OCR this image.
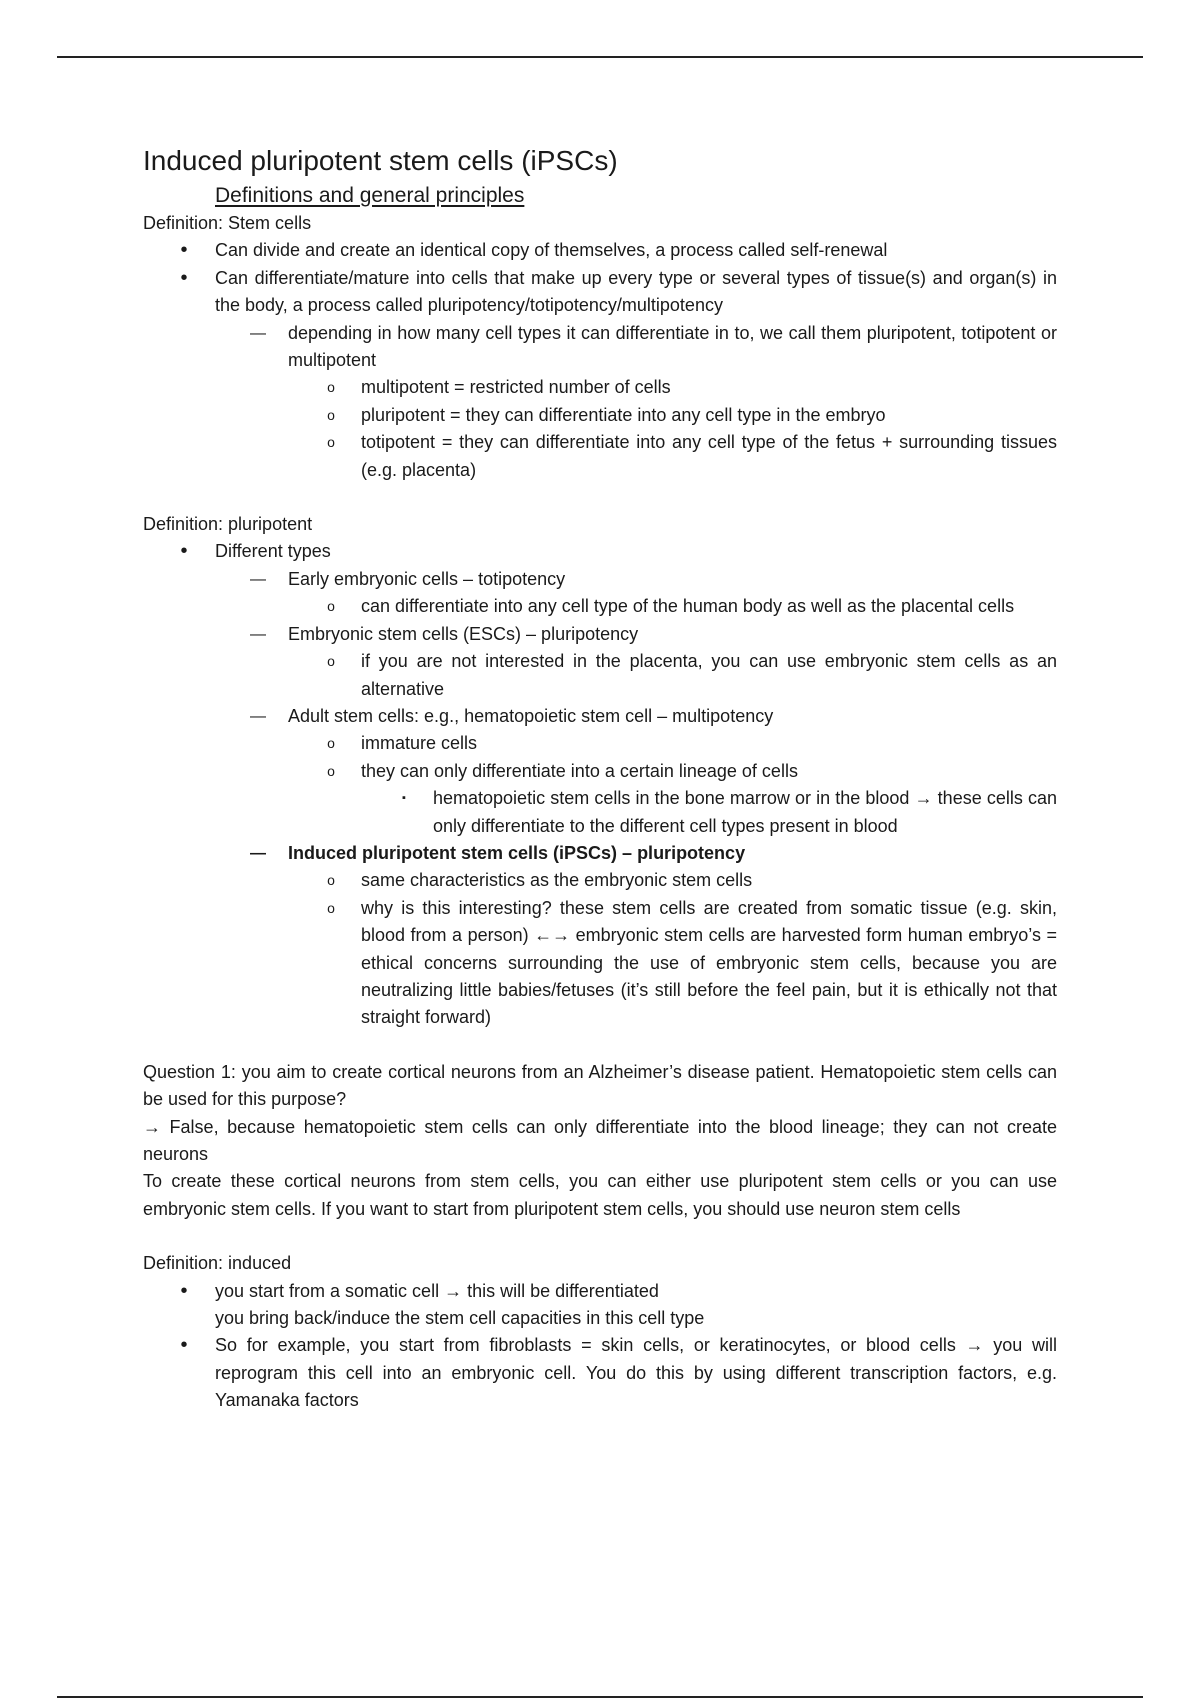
Induced pluripotent stem cells (iPSCs)
Definitions and general principles

Definition: Stem cells

•	Can divide and create an identical copy of themselves, a process called self-renewal
•	Can differentiate/mature into cells that make up every type or several types of tissue(s) and organ(s) in the body, a process called pluripotency/totipotency/multipotency
— depending in how many cell types it can differentiate in to, we call them pluripotent, totipotent or multipotent
o	multipotent = restricted number of cells
o	pluripotent = they can differentiate into any cell type in the embryo
o	totipotent = they can differentiate into any cell type of the fetus + surrounding tissues (e.g. placenta)

Definition: pluripotent

•	Different types
— Early embryonic cells – totipotency
o	can differentiate into any cell type of the human body as well as the placental cells
— Embryonic stem cells (ESCs) – pluripotency
o	if you are not interested in the placenta, you can use embryonic stem cells as an alternative
— Adult stem cells: e.g., hematopoietic stem cell – multipotency
o	immature cells
o	they can only differentiate into a certain lineage of cells
▪	hematopoietic stem cells in the bone marrow or in the blood → these cells can only differentiate to the different cell types present in blood
— Induced pluripotent stem cells (iPSCs) – pluripotency
o	same characteristics as the embryonic stem cells
o	why is this interesting? these stem cells are created from somatic tissue (e.g. skin, blood from a person) ←→ embryonic stem cells are harvested form human embryo’s = ethical concerns surrounding the use of embryonic stem cells, because you are neutralizing little babies/fetuses (it’s still before the feel pain, but it is ethically not that straight forward)

Question 1: you aim to create cortical neurons from an Alzheimer’s disease patient. Hematopoietic stem cells can be used for this purpose?

→ False, because hematopoietic stem cells can only differentiate into the blood lineage; they can not create neurons

To create these cortical neurons from stem cells, you can either use pluripotent stem cells or you can use embryonic stem cells. If you want to start from pluripotent stem cells, you should use neuron stem cells

Definition: induced

•	you start from a somatic cell → this will be differentiated
you bring back/induce the stem cell capacities in this cell type
•	So for example, you start from fibroblasts = skin cells, or keratinocytes, or blood cells → you will reprogram this cell into an embryonic cell. You do this by using different transcription factors, e.g. Yamanaka factors
